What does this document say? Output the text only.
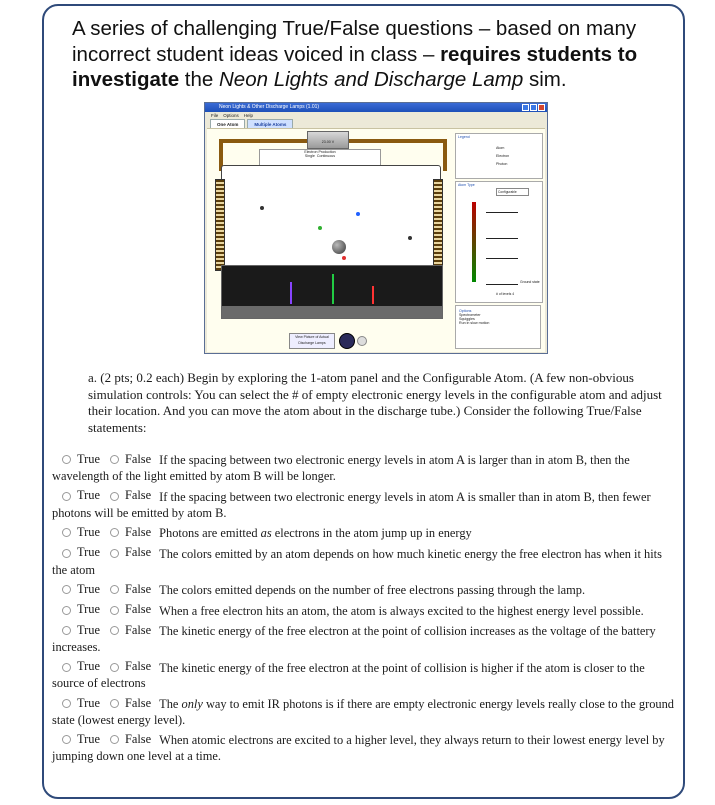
A series of challenging True/False questions – based on many incorrect student ideas voiced in class – requires students to investigate the Neon Lights and Discharge Lamp sim.

Neon Lights & Other Discharge Lamps (1.01)
File Options Help
One Atom	Multiple Atoms
23.00 V
Electron Production
Single Continuous
View Picture of Actual Discharge Lamps
Legend
Atom
Electron
Photon
Atom Type
Configurable
Ground state
# of levels 4
Options
Spectrometer
Squiggles
Run in slow motion

a. (2 pts; 0.2 each) Begin by exploring the 1-atom panel and the Configurable Atom. (A few non-obvious simulation controls: You can select the # of empty electronic energy levels in the configurable atom and adjust their location. And you can move the atom about in the discharge tube.) Consider the following True/False statements:

True False If the spacing between two electronic energy levels in atom A is larger than in atom B, then the wavelength of the light emitted by atom B will be longer.
True False If the spacing between two electronic energy levels in atom A is smaller than in atom B, then fewer photons will be emitted by atom B.
True False Photons are emitted as electrons in the atom jump up in energy
True False The colors emitted by an atom depends on how much kinetic energy the free electron has when it hits the atom
True False The colors emitted depends on the number of free electrons passing through the lamp.
True False When a free electron hits an atom, the atom is always excited to the highest energy level possible.
True False The kinetic energy of the free electron at the point of collision increases as the voltage of the battery increases.
True False The kinetic energy of the free electron at the point of collision is higher if the atom is closer to the source of electrons
True False The only way to emit IR photons is if there are empty electronic energy levels really close to the ground state (lowest energy level).
True False When atomic electrons are excited to a higher level, they always return to their lowest energy level by jumping down one level at a time.
